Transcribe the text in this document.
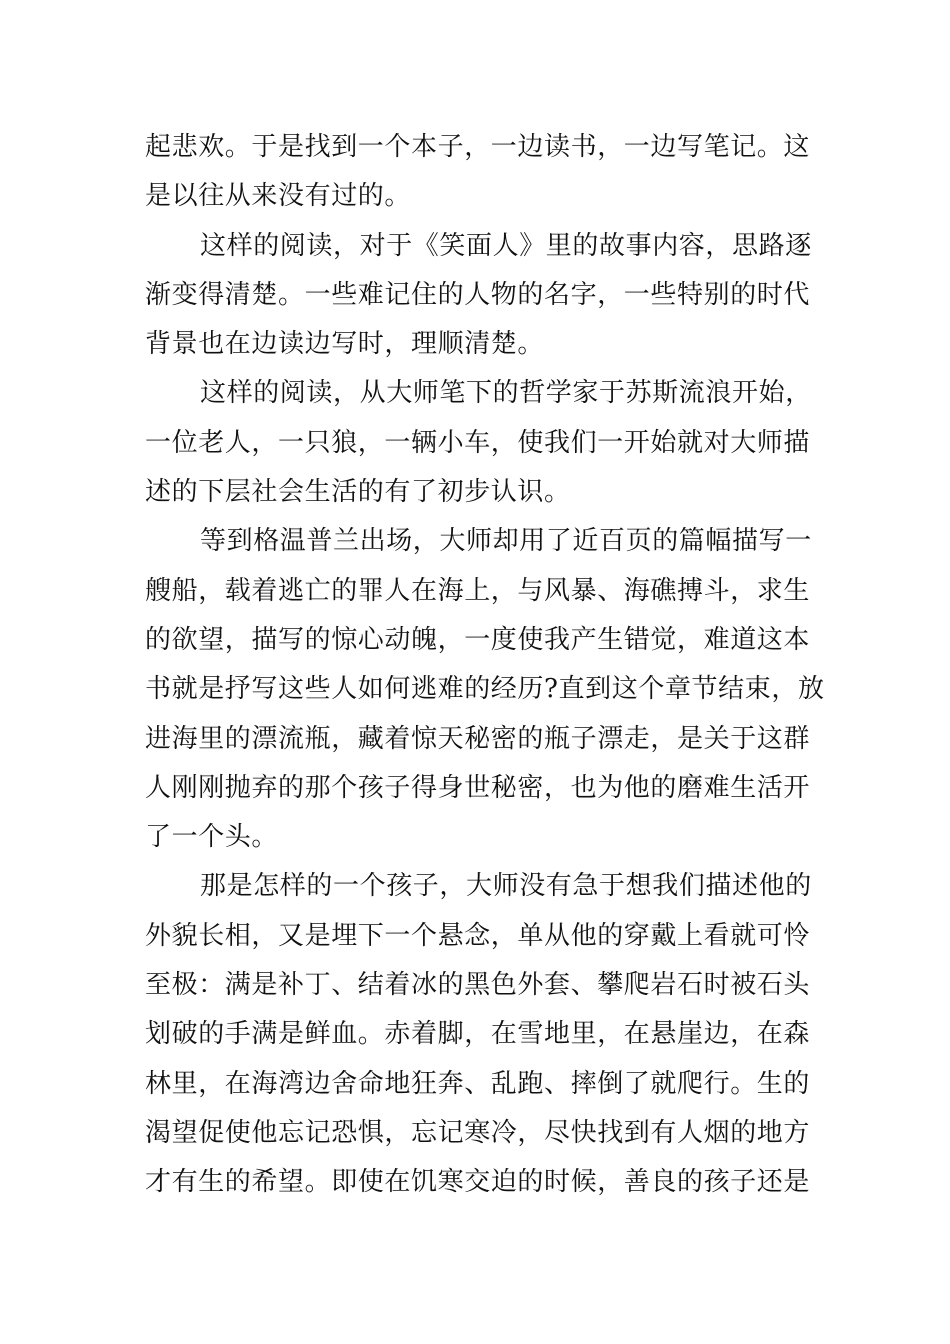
起悲欢。于是找到一个本子，一边读书，一边写笔记。这
是以往从来没有过的。
这样的阅读，对于《笑面人》里的故事内容，思路逐
渐变得清楚。一些难记住的人物的名字，一些特别的时代
背景也在边读边写时，理顺清楚。
这样的阅读，从大师笔下的哲学家于苏斯流浪开始，
一位老人，一只狼，一辆小车，使我们一开始就对大师描
述的下层社会生活的有了初步认识。
等到格温普兰出场，大师却用了近百页的篇幅描写一
艘船，载着逃亡的罪人在海上，与风暴、海礁搏斗，求生
的欲望，描写的惊心动魄，一度使我产生错觉，难道这本
书就是抒写这些人如何逃难的经历?直到这个章节结束，放
进海里的漂流瓶，藏着惊天秘密的瓶子漂走，是关于这群
人刚刚抛弃的那个孩子得身世秘密，也为他的磨难生活开
了一个头。
那是怎样的一个孩子，大师没有急于想我们描述他的
外貌长相，又是埋下一个悬念，单从他的穿戴上看就可怜
至极：满是补丁、结着冰的黑色外套、攀爬岩石时被石头
划破的手满是鲜血。赤着脚，在雪地里，在悬崖边，在森
林里，在海湾边舍命地狂奔、乱跑、摔倒了就爬行。生的
渴望促使他忘记恐惧，忘记寒冷，尽快找到有人烟的地方
才有生的希望。即使在饥寒交迫的时候，善良的孩子还是
